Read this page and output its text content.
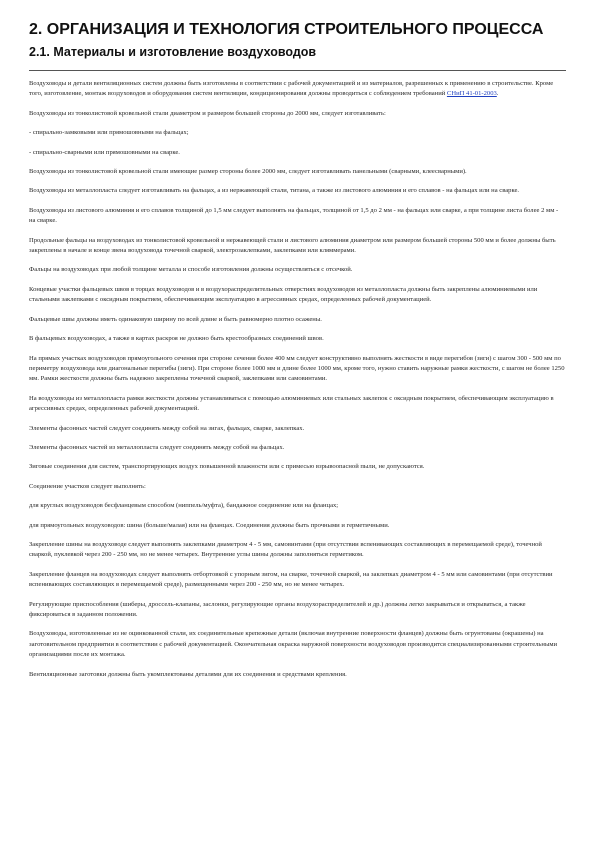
2. ОРГАНИЗАЦИЯ И ТЕХНОЛОГИЯ СТРОИТЕЛЬНОГО ПРОЦЕССА
2.1. Материалы и изготовление воздуховодов

Воздуховоды и детали вентиляционных систем должны быть изготовлены в соответствии с рабочей документацией и из материалов, разрешенных к применению в строительстве. Кроме того, изготовление, монтаж воздуховодов и оборудования систем вентиляции, кондиционирования должны проводиться с соблюдением требований СНиП 41-01-2003.

Воздуховоды из тонколистовой кровельной стали диаметром и размером большей стороны до 2000 мм, следует изготавливать:

- спирально-замковыми или прямошовными на фальцах;

- спирально-сварными или прямошовными на сварке.

Воздуховоды из тонколистовой кровельной стали имеющие размер стороны более 2000 мм, следует изготавливать панельными (сварными, клеесварными).

Воздуховоды из металлопласта следует изготавливать на фальцах, а из нержавеющей стали, титана, а также из листового алюминия и его сплавов - на фальцах или на сварке.

Воздуховоды из листового алюминия и его сплавов толщиной до 1,5 мм следует выполнять на фальцах, толщиной от 1,5 до 2 мм - на фальцах или сварке, а при толщине листа более 2 мм - на сварке.

Продольные фальцы на воздуховодах из тонколистовой кровельной и нержавеющей стали и листового алюминия диаметром или размером большей стороны 500 мм и более должны быть закреплены в начале и конце звена воздуховода точечной сваркой, электрозаклепками, заклепками или кляммерами.

Фальцы на воздуховодах при любой толщине металла и способе изготовления должны осуществляться с отсечкой.

Концевые участки фальцевых швов в торцах воздуховодов и в воздухораспределительных отверстиях воздуховодов из металлопласта должны быть закреплены алюминиевыми или стальными заклепками с оксидным покрытием, обеспечивающим эксплуатацию в агрессивных средах, определенных рабочей документацией.

Фальцевые швы должны иметь одинаковую ширину по всей длине и быть равномерно плотно осажены.

В фальцевых воздуховодах, а также в картах раскроя не должно быть крестообразных соединений швов.

На прямых участках воздуховодов прямоугольного сечения при стороне сечения более 400 мм следует конструктивно выполнять жесткости в виде перегибов (зиги) с шагом 300 - 500 мм по периметру воздуховода или диагональные перегибы (зиги). При стороне более 1000 мм и длине более 1000 мм, кроме того, нужно ставить наружные рамки жесткости, с шагом не более 1250 мм. Рамки жесткости должны быть надежно закреплены точечной сваркой, заклепками или самовинтами.

На воздуховоды из металлопласта рамки жесткости должны устанавливаться с помощью алюминиевых или стальных заклепок с оксидным покрытием, обеспечивающим эксплуатацию в агрессивных средах, определенных рабочей документацией.

Элементы фасонных частей следует соединять между собой на зигах, фальцах, сварке, заклепках.

Элементы фасонных частей из металлопласта следует соединять между собой на фальцах.

Зиговые соединения для систем, транспортирующих воздух повышенной влажности или с примесью взрывоопасной пыли, не допускаются.

Соединение участков следует выполнять:

для круглых воздуховодов бесфланцевым способом (ниппель/муфта), бандажное соединение или на фланцах;

для прямоугольных воздуховодов: шина (больше/малая) или на фланцах. Соединения должны быть прочными и герметичными.

Закрепление шины на воздуховоде следует выполнять заклепками диаметром 4 - 5 мм, самовинтами (при отсутствии вспенивающих составляющих в перемещаемой среде), точечной сваркой, пуклевкой через 200 - 250 мм, но не менее четырех. Внутренние углы шины должны заполняться герметиком.

Закрепление фланцев на воздуховодах следует выполнять отбортовкой с упорным зигом, на сварке, точечной сваркой, на заклепках диаметром 4 - 5 мм или самовинтами (при отсутствии вспенивающих составляющих в перемещаемой среде), размещенными через 200 - 250 мм, но не менее четырех.

Регулирующие приспособления (шиберы, дроссель-клапаны, заслонки, регулирующие органы воздухораспределителей и др.) должны легко закрываться и открываться, а также фиксироваться в заданном положении.

Воздуховоды, изготовленные из не оцинкованной стали, их соединительные крепежные детали (включая внутренние поверхности фланцев) должны быть огрунтованы (окрашены) на заготовительном предприятии в соответствии с рабочей документацией. Окончательная окраска наружной поверхности воздуховодов производится специализированными строительными организациями после их монтажа.

Вентиляционные заготовки должны быть укомплектованы деталями для их соединения и средствами крепления.
